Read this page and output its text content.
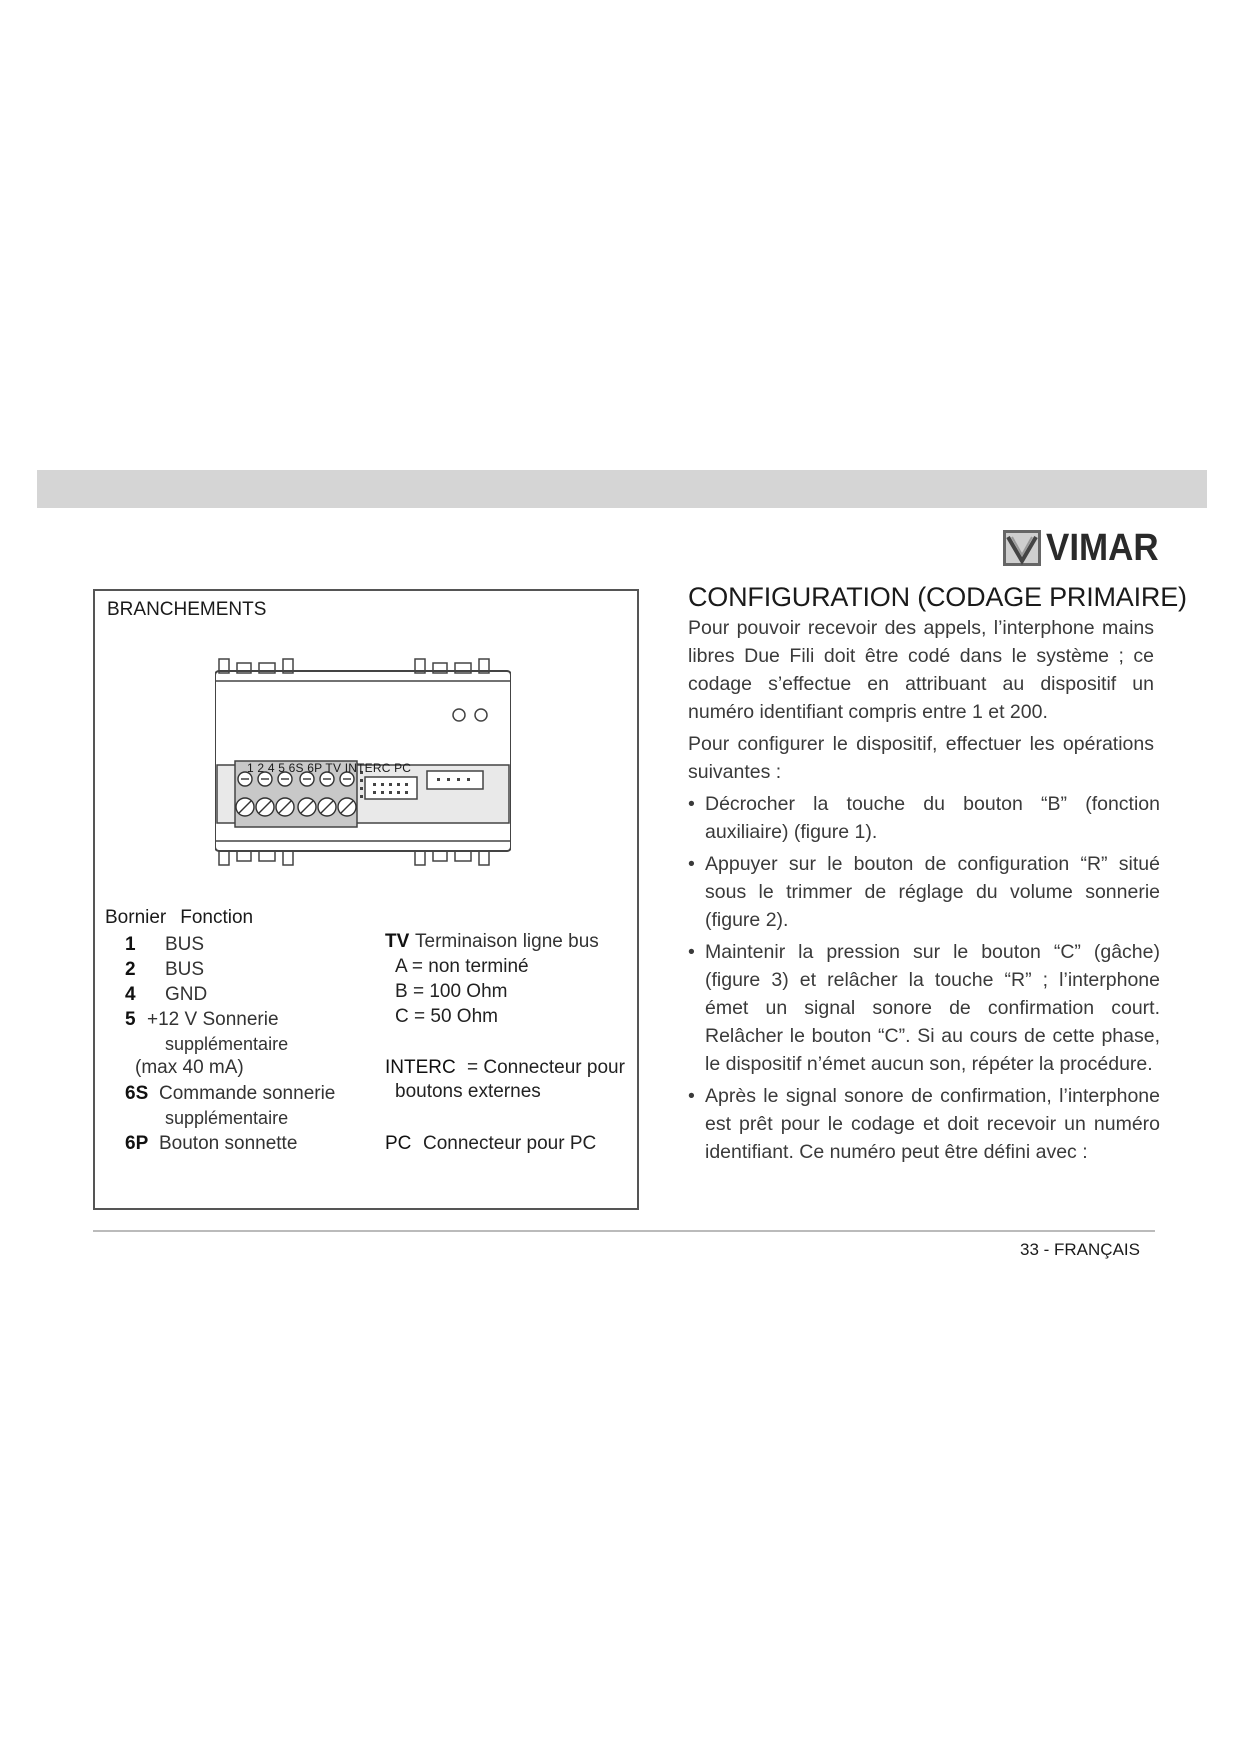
VIMAR
BRANCHEMENTS
1 2 4 5 6S 6P TV INTERC PC
Bornier Fonction
1 BUS
2 BUS
4 GND
5 +12 V Sonnerie
supplémentaire
(max 40 mA)
6S Commande sonnerie
supplémentaire
6P Bouton sonnette
TV Terminaison ligne bus
A = non terminé
B = 100 Ohm
C = 50 Ohm
INTERC = Connecteur pour
boutons externes
PC Connecteur pour PC
CONFIGURATION (CODAGE PRIMAIRE)
Pour pouvoir recevoir des appels, l’interphone mains libres Due Fili doit être codé dans le système ; ce codage s’effectue en attribuant au dispositif un numéro identifiant compris entre 1 et 200.
Pour configurer le dispositif, effectuer les opérations suivantes :
• Décrocher la touche du bouton “B” (fonction auxiliaire) (figure 1).
• Appuyer sur le bouton de configuration “R” situé sous le trimmer de réglage du volume sonnerie (figure 2).
• Maintenir la pression sur le bouton “C” (gâche) (figure 3) et relâcher la touche “R” ; l’interphone émet un signal sonore de confirmation court. Relâcher le bouton “C”. Si au cours de cette phase, le dispositif n’émet aucun son, répéter la procédure.
• Après le signal sonore de confirmation, l’interphone est prêt pour le codage et doit recevoir un numéro identifiant. Ce numéro peut être défini avec :
33 - FRANÇAIS
